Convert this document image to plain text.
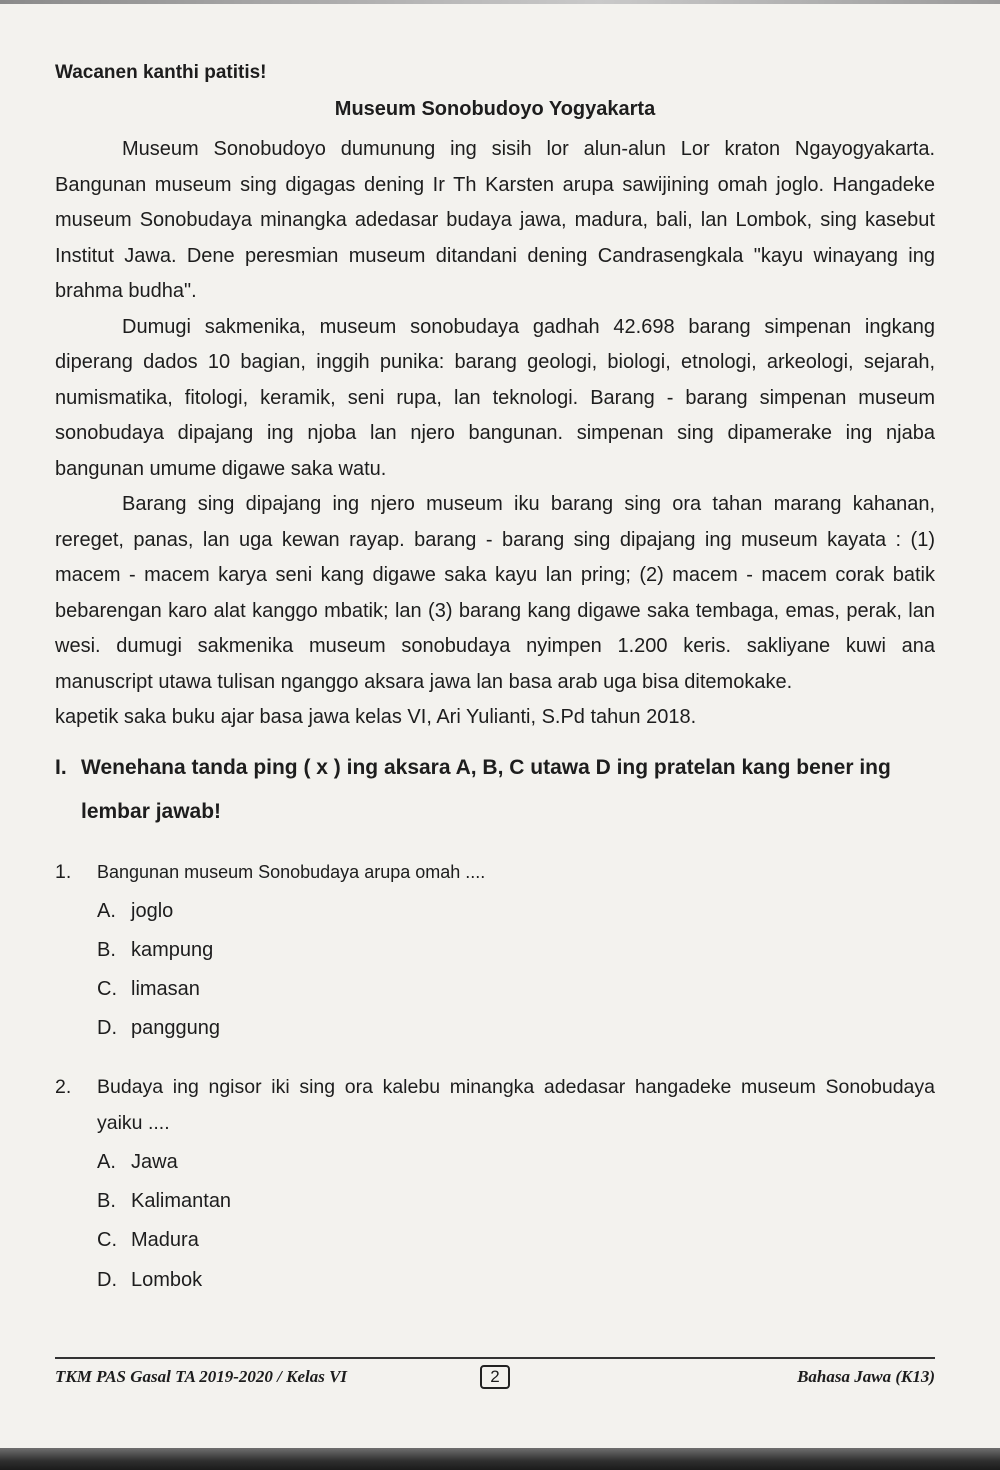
Wacanen kanthi patitis!
Museum Sonobudoyo Yogyakarta

Museum Sonobudoyo dumunung ing sisih lor alun-alun Lor kraton Ngayogyakarta. Bangunan museum sing digagas dening Ir Th Karsten arupa sawijining omah joglo. Hangadeke museum Sonobudaya minangka adedasar budaya jawa, madura, bali, lan Lombok, sing kasebut Institut Jawa. Dene peresmian museum ditandani dening Candrasengkala "kayu winayang ing brahma budha".

Dumugi sakmenika, museum sonobudaya gadhah 42.698 barang simpenan ingkang diperang dados 10 bagian, inggih punika: barang geologi, biologi, etnologi, arkeologi, sejarah, numismatika, fitologi, keramik, seni rupa, lan teknologi. Barang - barang simpenan museum sonobudaya dipajang ing njoba lan njero bangunan. simpenan sing dipamerake ing njaba bangunan umume digawe saka watu.

Barang sing dipajang ing njero museum iku barang sing ora tahan marang kahanan, rereget, panas, lan uga kewan rayap. barang - barang sing dipajang ing museum kayata : (1) macem - macem karya seni kang digawe saka kayu lan pring; (2) macem - macem corak batik bebarengan karo alat kanggo mbatik; lan (3) barang kang digawe saka tembaga, emas, perak, lan wesi. dumugi sakmenika museum sonobudaya nyimpen 1.200 keris. sakliyane kuwi ana manuscript utawa tulisan nganggo aksara jawa lan basa arab uga bisa ditemokake.

kapetik saka buku ajar basa jawa kelas VI, Ari Yulianti, S.Pd tahun 2018.

I. Wenehana tanda ping ( x ) ing aksara A, B, C utawa D ing pratelan kang bener ing lembar jawab!
1.	Bangunan museum Sonobudaya arupa omah ....
A. joglo
B. kampung
C. limasan
D. panggung
2.	Budaya ing ngisor iki sing ora kalebu minangka adedasar hangadeke museum Sonobudaya yaiku ....
A. Jawa
B. Kalimantan
C. Madura
D. Lombok
TKM PAS Gasal TA 2019-2020 / Kelas VI	2	Bahasa Jawa (K13)
